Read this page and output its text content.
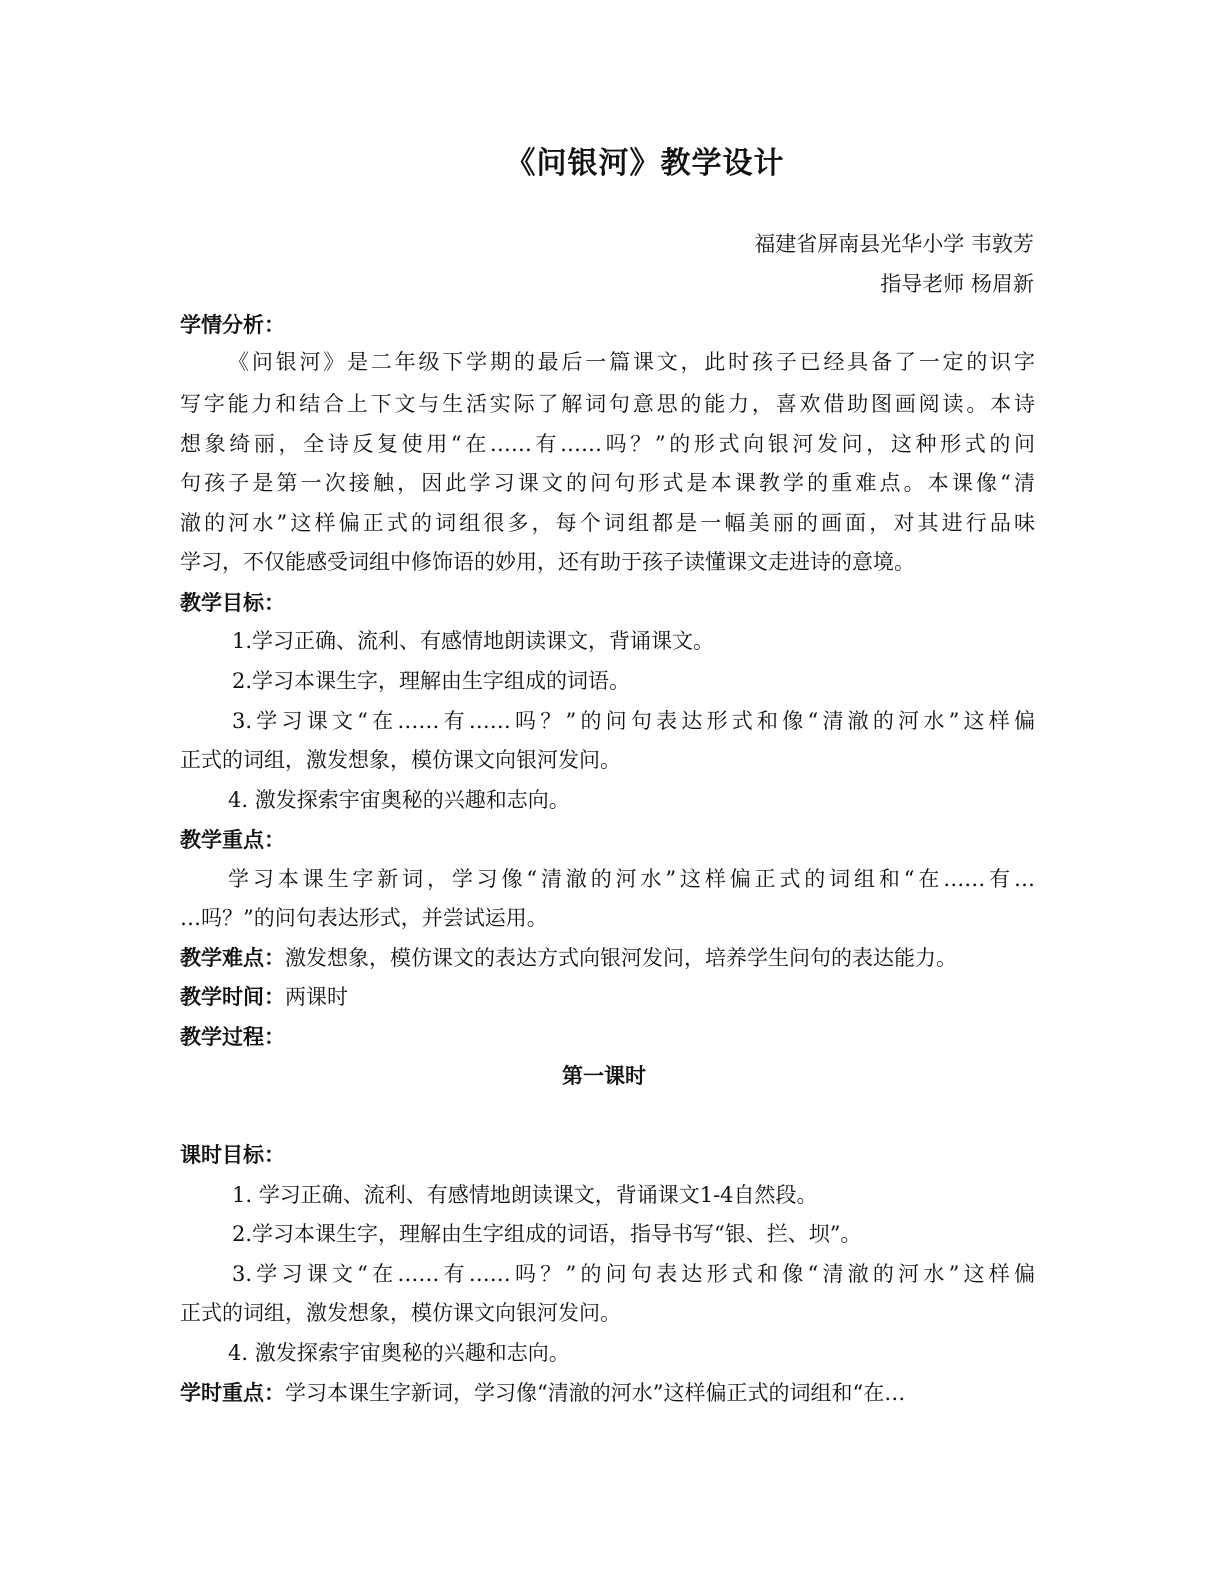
《问银河》教学设计
福建省屏南县光华小学 韦敦芳
指导老师 杨眉新
学情分析：
《问银河》是二年级下学期的最后一篇课文，此时孩子已经具备了一定的识字
写字能力和结合上下文与生活实际了解词句意思的能力，喜欢借助图画阅读。本诗
想象绮丽，全诗反复使用“在……有……吗？”的形式向银河发问，这种形式的问
句孩子是第一次接触，因此学习课文的问句形式是本课教学的重难点。本课像“清
澈的河水”这样偏正式的词组很多，每个词组都是一幅美丽的画面，对其进行品味
学习，不仅能感受词组中修饰语的妙用，还有助于孩子读懂课文走进诗的意境。
教学目标：
1.学习正确、流利、有感情地朗读课文，背诵课文。
2.学习本课生字，理解由生字组成的词语。
3.学习课文“在……有……吗？”的问句表达形式和像“清澈的河水”这样偏
正式的词组，激发想象，模仿课文向银河发问。
4. 激发探索宇宙奥秘的兴趣和志向。
教学重点：
学习本课生字新词，学习像“清澈的河水”这样偏正式的词组和“在……有…
…吗？”的问句表达形式，并尝试运用。
教学难点：激发想象，模仿课文的表达方式向银河发问，培养学生问句的表达能力。
教学时间：两课时
教学过程：
第一课时
课时目标：
1. 学习正确、流利、有感情地朗读课文，背诵课文1-4自然段。
2.学习本课生字，理解由生字组成的词语，指导书写“银、拦、坝”。
3.学习课文“在……有……吗？”的问句表达形式和像“清澈的河水”这样偏
正式的词组，激发想象，模仿课文向银河发问。
4. 激发探索宇宙奥秘的兴趣和志向。
学时重点：学习本课生字新词，学习像“清澈的河水”这样偏正式的词组和“在…
